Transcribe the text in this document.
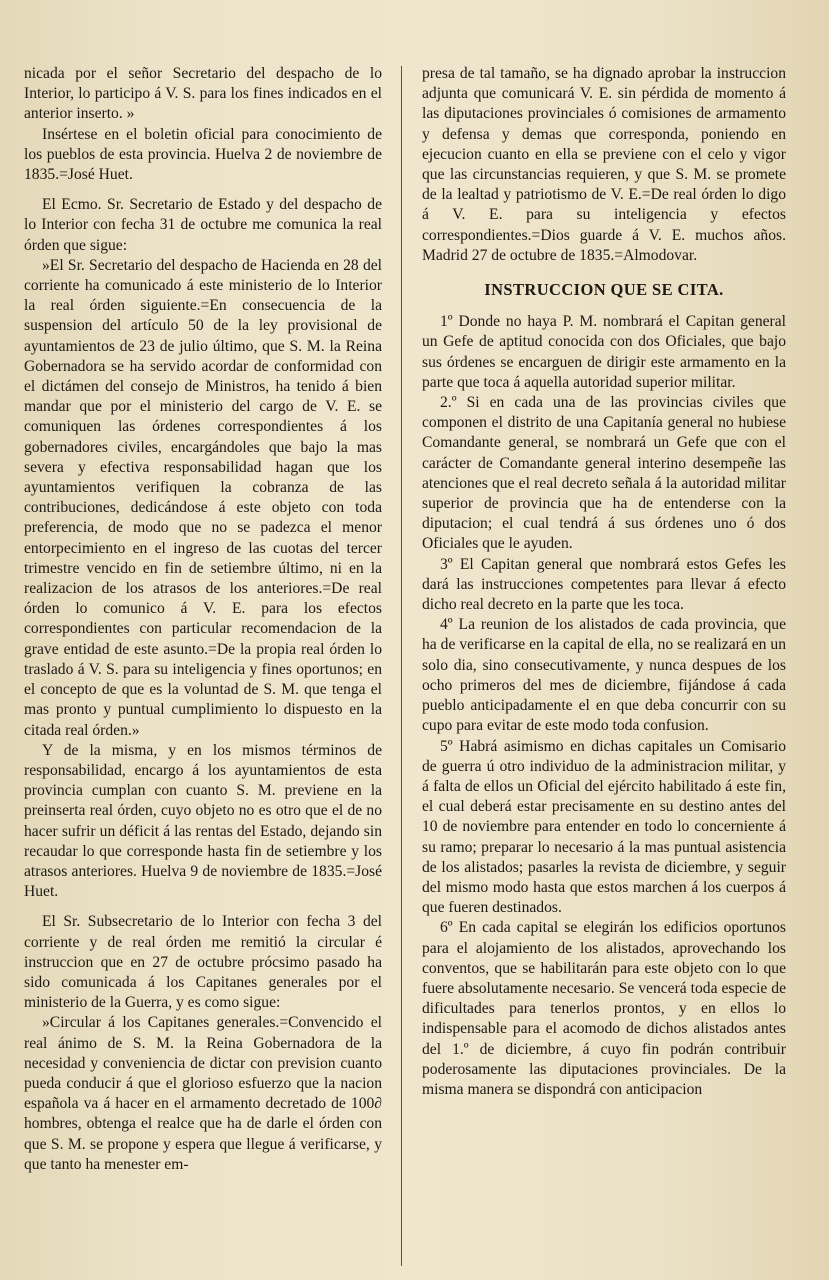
nicada por el señor Secretario del despacho de lo Interior, lo participo á V. S. para los fines indicados en el anterior inserto. »

Insértese en el boletin oficial para conocimiento de los pueblos de esta provincia. Huelva 2 de noviembre de 1835.=José Huet.

El Ecmo. Sr. Secretario de Estado y del despacho de lo Interior con fecha 31 de octubre me comunica la real órden que sigue:

»El Sr. Secretario del despacho de Hacienda en 28 del corriente ha comunicado á este ministerio de lo Interior la real órden siguiente.=En consecuencia de la suspension del artículo 50 de la ley provisional de ayuntamientos de 23 de julio último, que S. M. la Reina Gobernadora se ha servido acordar de conformidad con el dictámen del consejo de Ministros, ha tenido á bien mandar que por el ministerio del cargo de V. E. se comuniquen las órdenes correspondientes á los gobernadores civiles, encargándoles que bajo la mas severa y efectiva responsabilidad hagan que los ayuntamientos verifiquen la cobranza de las contribuciones, dedicándose á este objeto con toda preferencia, de modo que no se padezca el menor entorpecimiento en el ingreso de las cuotas del tercer trimestre vencido en fin de setiembre último, ni en la realizacion de los atrasos de los anteriores.=De real órden lo comunico á V. E. para los efectos correspondientes con particular recomendacion de la grave entidad de este asunto.=De la propia real órden lo traslado á V. S. para su inteligencia y fines oportunos; en el concepto de que es la voluntad de S. M. que tenga el mas pronto y puntual cumplimiento lo dispuesto en la citada real órden.»

Y de la misma, y en los mismos términos de responsabilidad, encargo á los ayuntamientos de esta provincia cumplan con cuanto S. M. previene en la preinserta real órden, cuyo objeto no es otro que el de no hacer sufrir un déficit á las rentas del Estado, dejando sin recaudar lo que corresponde hasta fin de setiembre y los atrasos anteriores. Huelva 9 de noviembre de 1835.=José Huet.

El Sr. Subsecretario de lo Interior con fecha 3 del corriente y de real órden me remitió la circular é instruccion que en 27 de octubre prócsimo pasado ha sido comunicada á los Capitanes generales por el ministerio de la Guerra, y es como sigue:

»Circular á los Capitanes generales.=Convencido el real ánimo de S. M. la Reina Gobernadora de la necesidad y conveniencia de dictar con prevision cuanto pueda conducir á que el glorioso esfuerzo que la nacion española va á hacer en el armamento decretado de 100∂ hombres, obtenga el realce que ha de darle el órden con que S. M. se propone y espera que llegue á verificarse, y que tanto ha menester em-

presa de tal tamaño, se ha dignado aprobar la instruccion adjunta que comunicará V. E. sin pérdida de momento á las diputaciones provinciales ó comisiones de armamento y defensa y demas que corresponda, poniendo en ejecucion cuanto en ella se previene con el celo y vigor que las circunstancias requieren, y que S. M. se promete de la lealtad y patriotismo de V. E.=De real órden lo digo á V. E. para su inteligencia y efectos correspondientes.=Dios guarde á V. E. muchos años. Madrid 27 de octubre de 1835.=Almodovar.

INSTRUCCION QUE SE CITA.

1º Donde no haya P. M. nombrará el Capitan general un Gefe de aptitud conocida con dos Oficiales, que bajo sus órdenes se encarguen de dirigir este armamento en la parte que toca á aquella autoridad superior militar.

2.º Si en cada una de las provincias civiles que componen el distrito de una Capitanía general no hubiese Comandante general, se nombrará un Gefe que con el carácter de Comandante general interino desempeñe las atenciones que el real decreto señala á la autoridad militar superior de provincia que ha de entenderse con la diputacion; el cual tendrá á sus órdenes uno ó dos Oficiales que le ayuden.

3º El Capitan general que nombrará estos Gefes les dará las instrucciones competentes para llevar á efecto dicho real decreto en la parte que les toca.

4º La reunion de los alistados de cada provincia, que ha de verificarse en la capital de ella, no se realizará en un solo dia, sino consecutivamente, y nunca despues de los ocho primeros del mes de diciembre, fijándose á cada pueblo anticipadamente el en que deba concurrir con su cupo para evitar de este modo toda confusion.

5º Habrá asimismo en dichas capitales un Comisario de guerra ú otro individuo de la administracion militar, y á falta de ellos un Oficial del ejército habilitado á este fin, el cual deberá estar precisamente en su destino antes del 10 de noviembre para entender en todo lo concerniente á su ramo; preparar lo necesario á la mas puntual asistencia de los alistados; pasarles la revista de diciembre, y seguir del mismo modo hasta que estos marchen á los cuerpos á que fueren destinados.

6º En cada capital se elegirán los edificios oportunos para el alojamiento de los alistados, aprovechando los conventos, que se habilitarán para este objeto con lo que fuere absolutamente necesario. Se vencerá toda especie de dificultades para tenerlos prontos, y en ellos lo indispensable para el acomodo de dichos alistados antes del 1.º de diciembre, á cuyo fin podrán contribuir poderosamente las diputaciones provinciales. De la misma manera se dispondrá con anticipacion
